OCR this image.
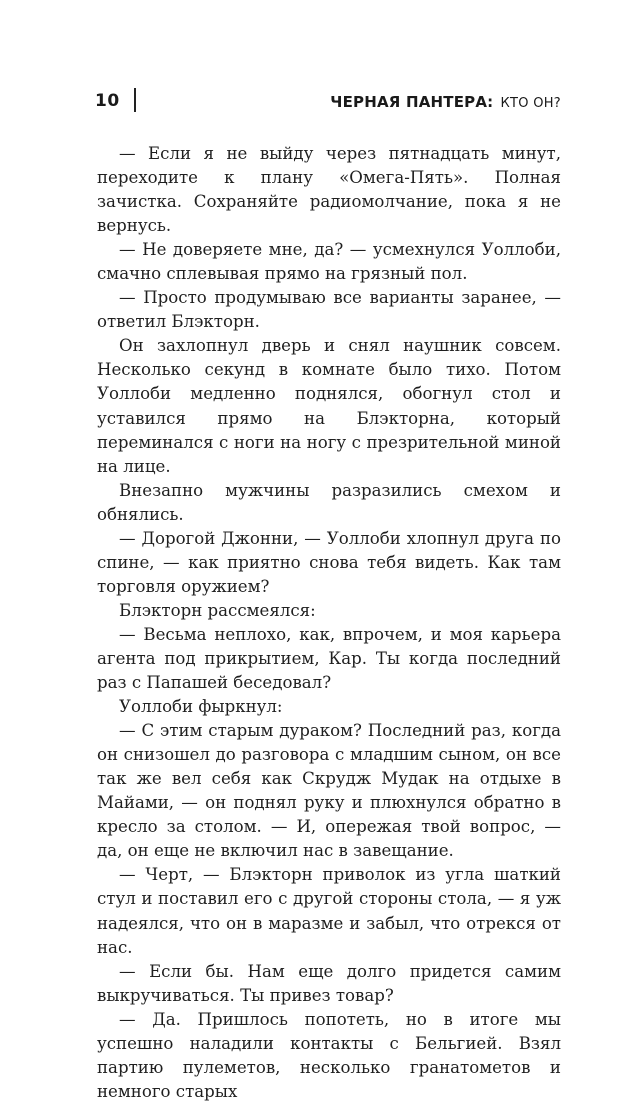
10	ЧЕРНАЯ ПАНТЕРА: КТО ОН?

— Если я не выйду через пятнадцать минут, переходите к плану «Омега-Пять». Полная зачистка. Сохраняйте радиомолчание, пока я не вернусь.

— Не доверяете мне, да? — усмехнулся Уоллоби, смачно сплевывая прямо на грязный пол.

— Просто продумываю все варианты заранее, — ответил Блэкторн.

Он захлопнул дверь и снял наушник совсем. Несколько секунд в комнате было тихо. Потом Уоллоби медленно поднялся, обогнул стол и уставился прямо на Блэкторна, который переминался с ноги на ногу с презрительной миной на лице.

Внезапно мужчины разразились смехом и обнялись.

— Дорогой Джонни, — Уоллоби хлопнул друга по спине, — как приятно снова тебя видеть. Как там торговля оружием?

Блэкторн рассмеялся:

— Весьма неплохо, как, впрочем, и моя карьера агента под прикрытием, Кар. Ты когда последний раз с Папашей беседовал?

Уоллоби фыркнул:

— С этим старым дураком? Последний раз, когда он снизошел до разговора с младшим сыном, он все так же вел себя как Скрудж Мудак на отдыхе в Майами, — он поднял руку и плюхнулся обратно в кресло за столом. — И, опережая твой вопрос, — да, он еще не включил нас в завещание.

— Черт, — Блэкторн приволок из угла шаткий стул и поставил его с другой стороны стола, — я уж надеялся, что он в маразме и забыл, что отрекся от нас.

— Если бы. Нам еще долго придется самим выкручиваться. Ты привез товар?

— Да. Пришлось попотеть, но в итоге мы успешно наладили контакты с Бельгией. Взял партию пулеметов, несколько гранатометов и немного старых
